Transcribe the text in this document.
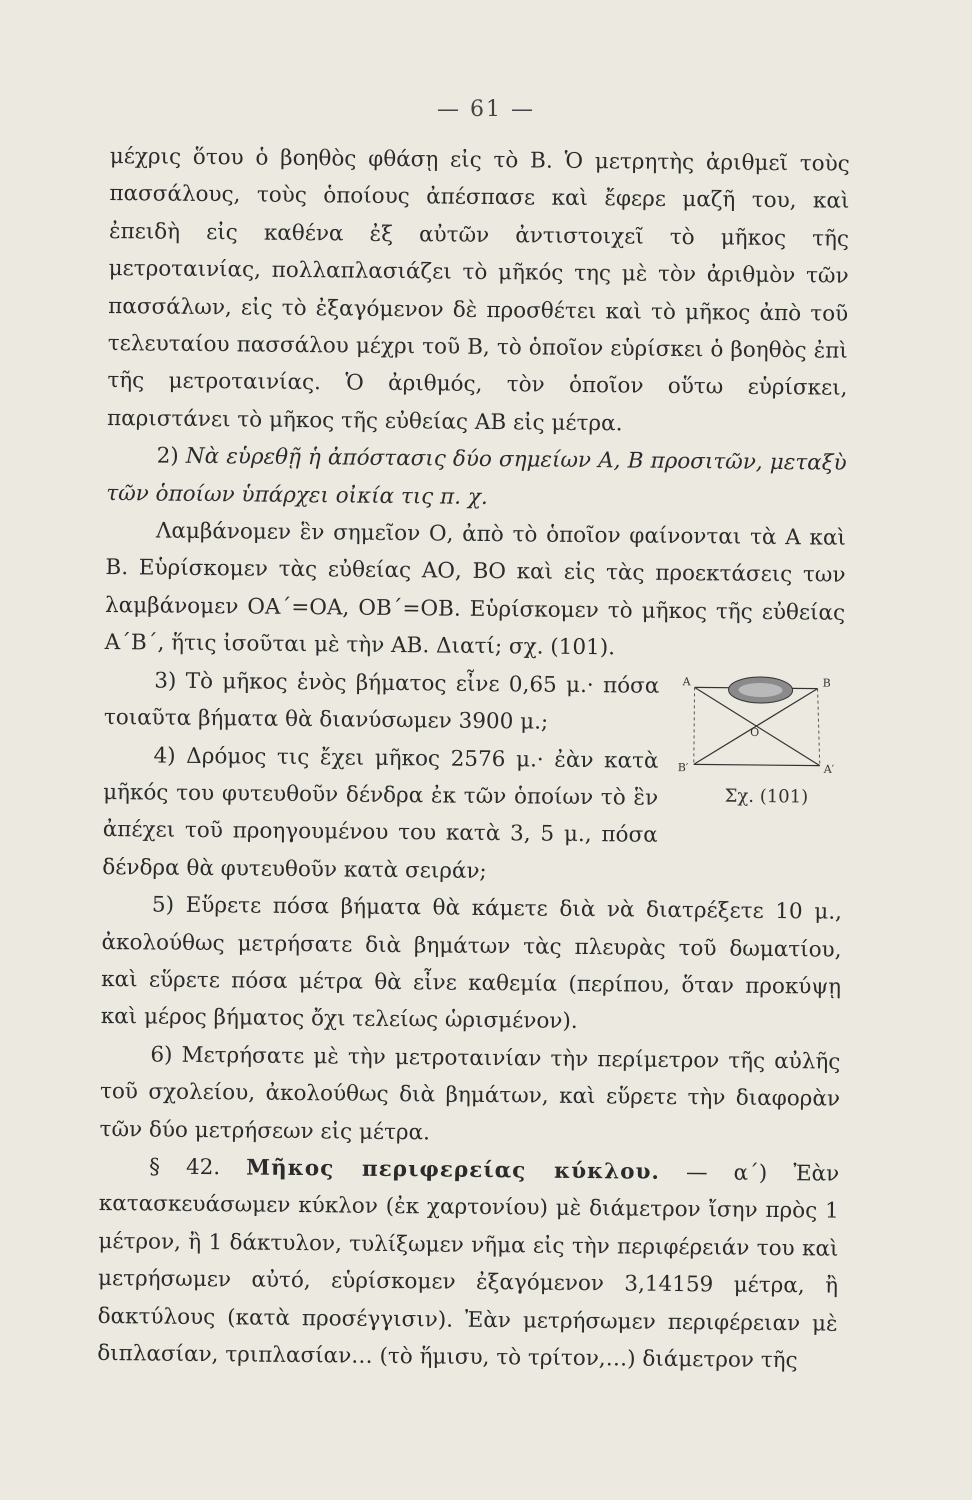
— 61 —

μέχρις ὅτου ὁ βοηθὸς φθάσῃ εἰς τὸ Β. Ὁ μετρητὴς ἀριθμεῖ τοὺς πασσάλους, τοὺς ὁποίους ἀπέσπασε καὶ ἔφερε μαζῆ του, καὶ ἐπειδὴ εἰς καθένα ἐξ αὐτῶν ἀντιστοιχεῖ τὸ μῆκος τῆς μετροταινίας, πολλαπλασιάζει τὸ μῆκός της μὲ τὸν ἀριθμὸν τῶν πασσάλων, εἰς τὸ ἐξαγόμενον δὲ προσθέτει καὶ τὸ μῆκος ἀπὸ τοῦ τελευταίου πασσάλου μέχρι τοῦ Β, τὸ ὁποῖον εὑρίσκει ὁ βοηθὸς ἐπὶ τῆς μετροταινίας. Ὁ ἀριθμός, τὸν ὁποῖον οὕτω εὑρίσκει, παριστάνει τὸ μῆκος τῆς εὐθείας ΑΒ εἰς μέτρα.

2) Νὰ εὑρεθῇ ἡ ἀπόστασις δύο σημείων Α, Β προσιτῶν, μεταξὺ τῶν ὁποίων ὑπάρχει οἰκία τις π. χ.

Λαμβάνομεν ἓν σημεῖον Ο, ἀπὸ τὸ ὁποῖον φαίνονται τὰ Α καὶ Β. Εὑρίσκομεν τὰς εὐθείας ΑΟ, ΒΟ καὶ εἰς τὰς προεκτάσεις των λαμβάνομεν ΟΑ΄=ΟΑ, ΟΒ΄=ΟΒ. Εὑρίσκομεν τὸ μῆκος τῆς εὐθείας Α΄Β΄, ἥτις ἰσοῦται μὲ τὴν ΑΒ. Διατί; σχ. (101).

3) Τὸ μῆκος ἑνὸς βήματος εἶνε 0,65 μ.· πόσα τοιαῦτα βήματα θὰ διανύσωμεν 3900 μ.;

4) Δρόμος τις ἔχει μῆκος 2576 μ.· ἐὰν κατὰ μῆκός του φυτευθοῦν δένδρα ἐκ τῶν ὁποίων τὸ ἓν ἀπέχει τοῦ προηγουμένου του κατὰ 3, 5 μ., πόσα δένδρα θὰ φυτευθοῦν κατὰ σειράν;

5) Εὕρετε πόσα βήματα θὰ κάμετε διὰ νὰ διατρέξετε 10 μ., ἀκολούθως μετρήσατε διὰ βημάτων τὰς πλευρὰς τοῦ δωματίου, καὶ εὕρετε πόσα μέτρα θὰ εἶνε καθεμία (περίπου, ὅταν προκύψῃ καὶ μέρος βήματος ὄχι τελείως ὡρισμένον).

6) Μετρήσατε μὲ τὴν μετροταινίαν τὴν περίμετρον τῆς αὐλῆς τοῦ σχολείου, ἀκολούθως διὰ βημάτων, καὶ εὕρετε τὴν διαφορὰν τῶν δύο μετρήσεων εἰς μέτρα.

§ 42. Μῆκος περιφερείας κύκλου. — α΄) Ἐὰν κατασκευάσωμεν κύκλον (ἐκ χαρτονίου) μὲ διάμετρον ἴσην πρὸς 1 μέτρον, ἢ 1 δάκτυλον, τυλίξωμεν νῆμα εἰς τὴν περιφέρειάν του καὶ μετρήσωμεν αὐτό, εὑρίσκομεν ἐξαγόμενον 3,14159 μέτρα, ἢ δακτύλους (κατὰ προσέγγισιν). Ἐὰν μετρήσωμεν περιφέρειαν μὲ διπλασίαν, τριπλασίαν… (τὸ ἥμισυ, τὸ τρίτον,…) διάμετρον τῆς

A	B
B′	A′
O
Σχ. (101)
